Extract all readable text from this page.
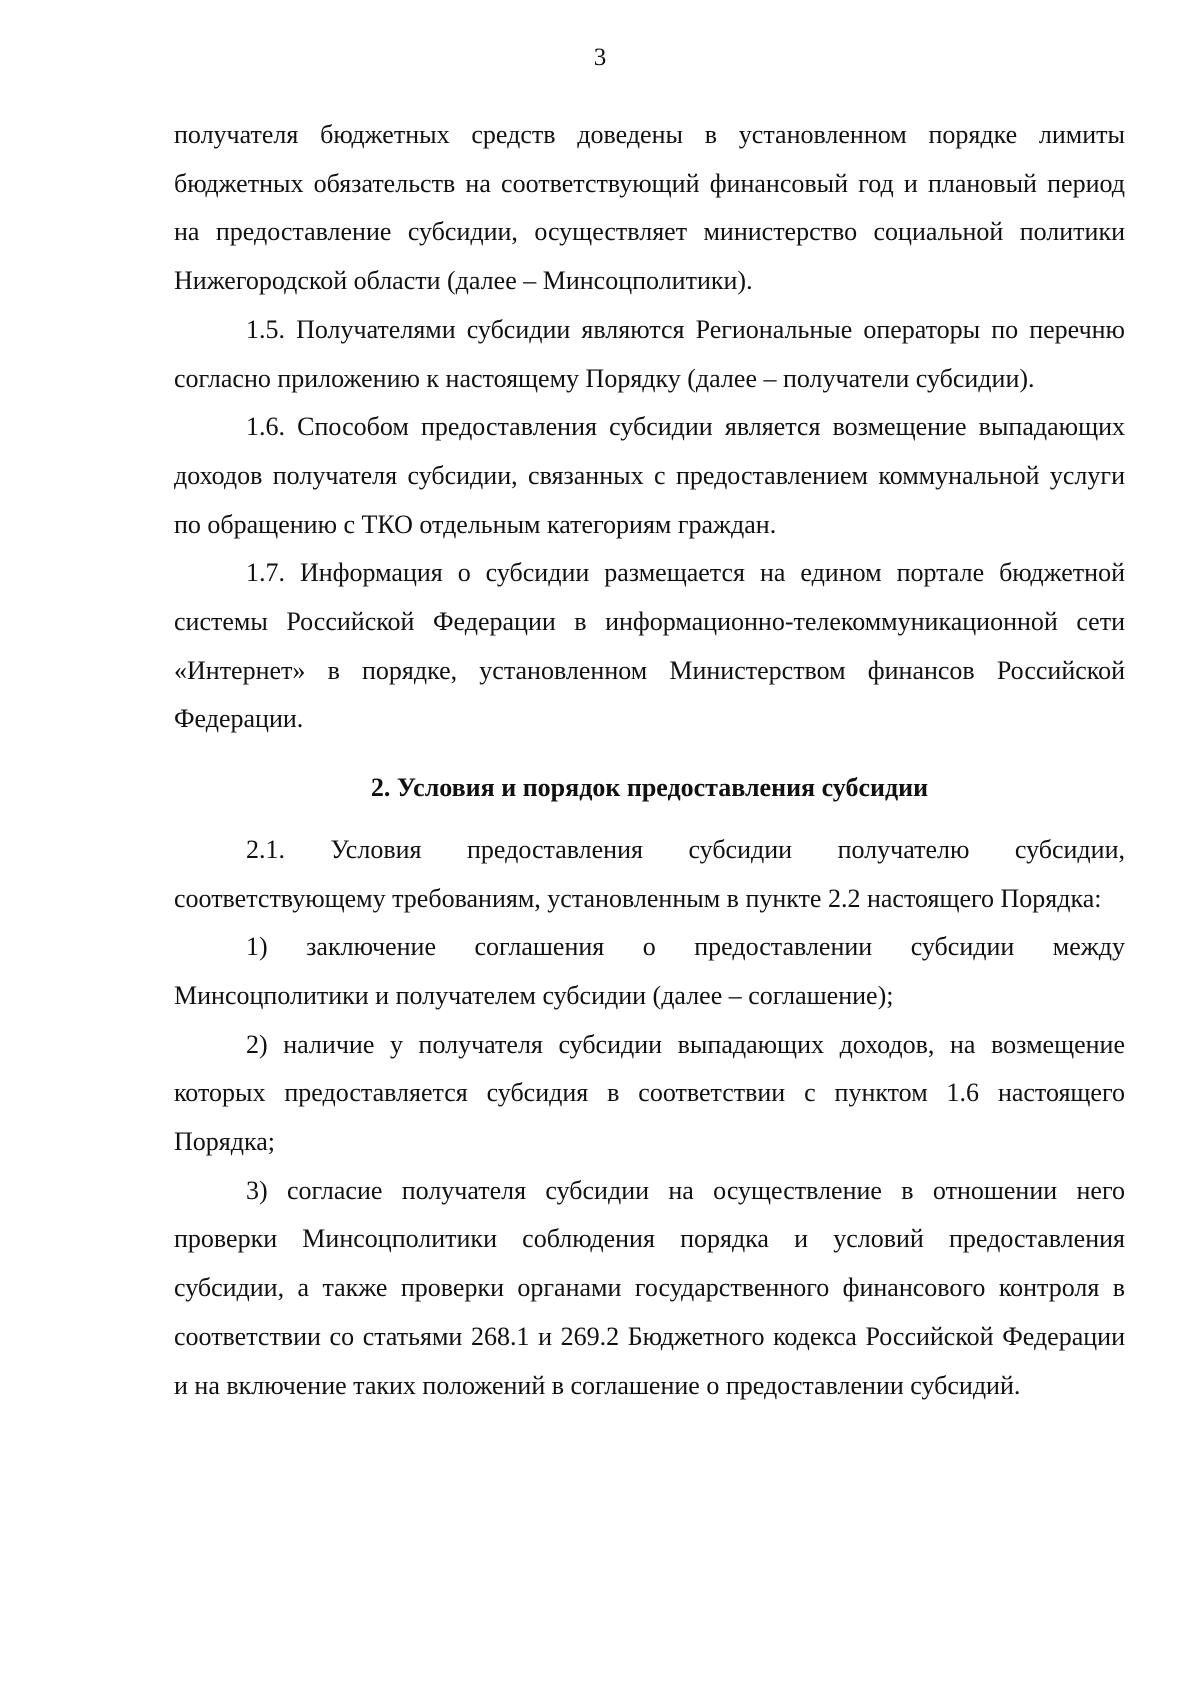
3

получателя бюджетных средств доведены в установленном порядке лимиты бюджетных обязательств на соответствующий финансовый год и плановый период на предоставление субсидии, осуществляет министерство социальной политики Нижегородской области (далее – Минсоцполитики).

1.5. Получателями субсидии являются Региональные операторы по перечню согласно приложению к настоящему Порядку (далее – получатели субсидии).

1.6. Способом предоставления субсидии является возмещение выпадающих доходов получателя субсидии, связанных с предоставлением коммунальной услуги по обращению с ТКО отдельным категориям граждан.

1.7. Информация о субсидии размещается на едином портале бюджетной системы Российской Федерации в информационно-телекоммуникационной сети «Интернет» в порядке, установленном Министерством финансов Российской Федерации.

2. Условия и порядок предоставления субсидии

2.1. Условия предоставления субсидии получателю субсидии, соответствующему требованиям, установленным в пункте 2.2 настоящего Порядка:

1) заключение соглашения о предоставлении субсидии между Минсоцполитики и получателем субсидии (далее – соглашение);

2) наличие у получателя субсидии выпадающих доходов, на возмещение которых предоставляется субсидия в соответствии с пунктом 1.6 настоящего Порядка;

3) согласие получателя субсидии на осуществление в отношении него проверки Минсоцполитики соблюдения порядка и условий предоставления субсидии, а также проверки органами государственного финансового контроля в соответствии со статьями 268.1 и 269.2 Бюджетного кодекса Российской Федерации и на включение таких положений в соглашение о предоставлении субсидий.
